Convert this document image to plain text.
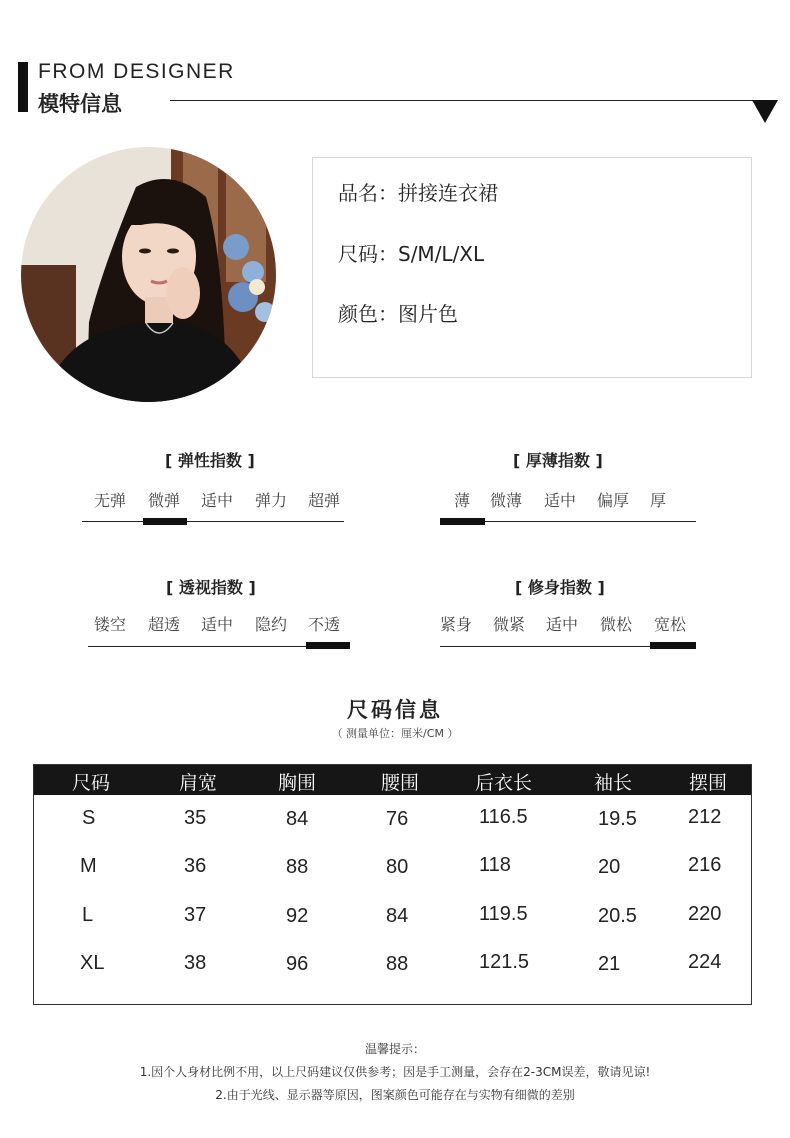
FROM DESIGNER
模特信息
品名：拼接连衣裙
尺码：S/M/L/XL
颜色：图片色
[ 弹性指数 ]
无弹 微弹 适中 弹力 超弹
[ 厚薄指数 ]
薄 微薄 适中 偏厚 厚
[ 透视指数 ]
镂空 超透 适中 隐约 不透
[ 修身指数 ]
紧身 微紧 适中 微松 宽松
尺码信息
（ 测量单位：厘米/CM ）
尺码	肩宽	胸围	腰围	后衣长	袖长	摆围
S	35	84	76	116.5	19.5	212
M	36	88	80	118	20	216
L	37	92	84	119.5	20.5	220
XL	38	96	88	121.5	21	224
温馨提示：
1.因个人身材比例不用，以上尺码建议仅供参考；因是手工测量，会存在2-3CM误差，敬请见谅!
2.由于光线、显示器等原因，图案颜色可能存在与实物有细微的差别
